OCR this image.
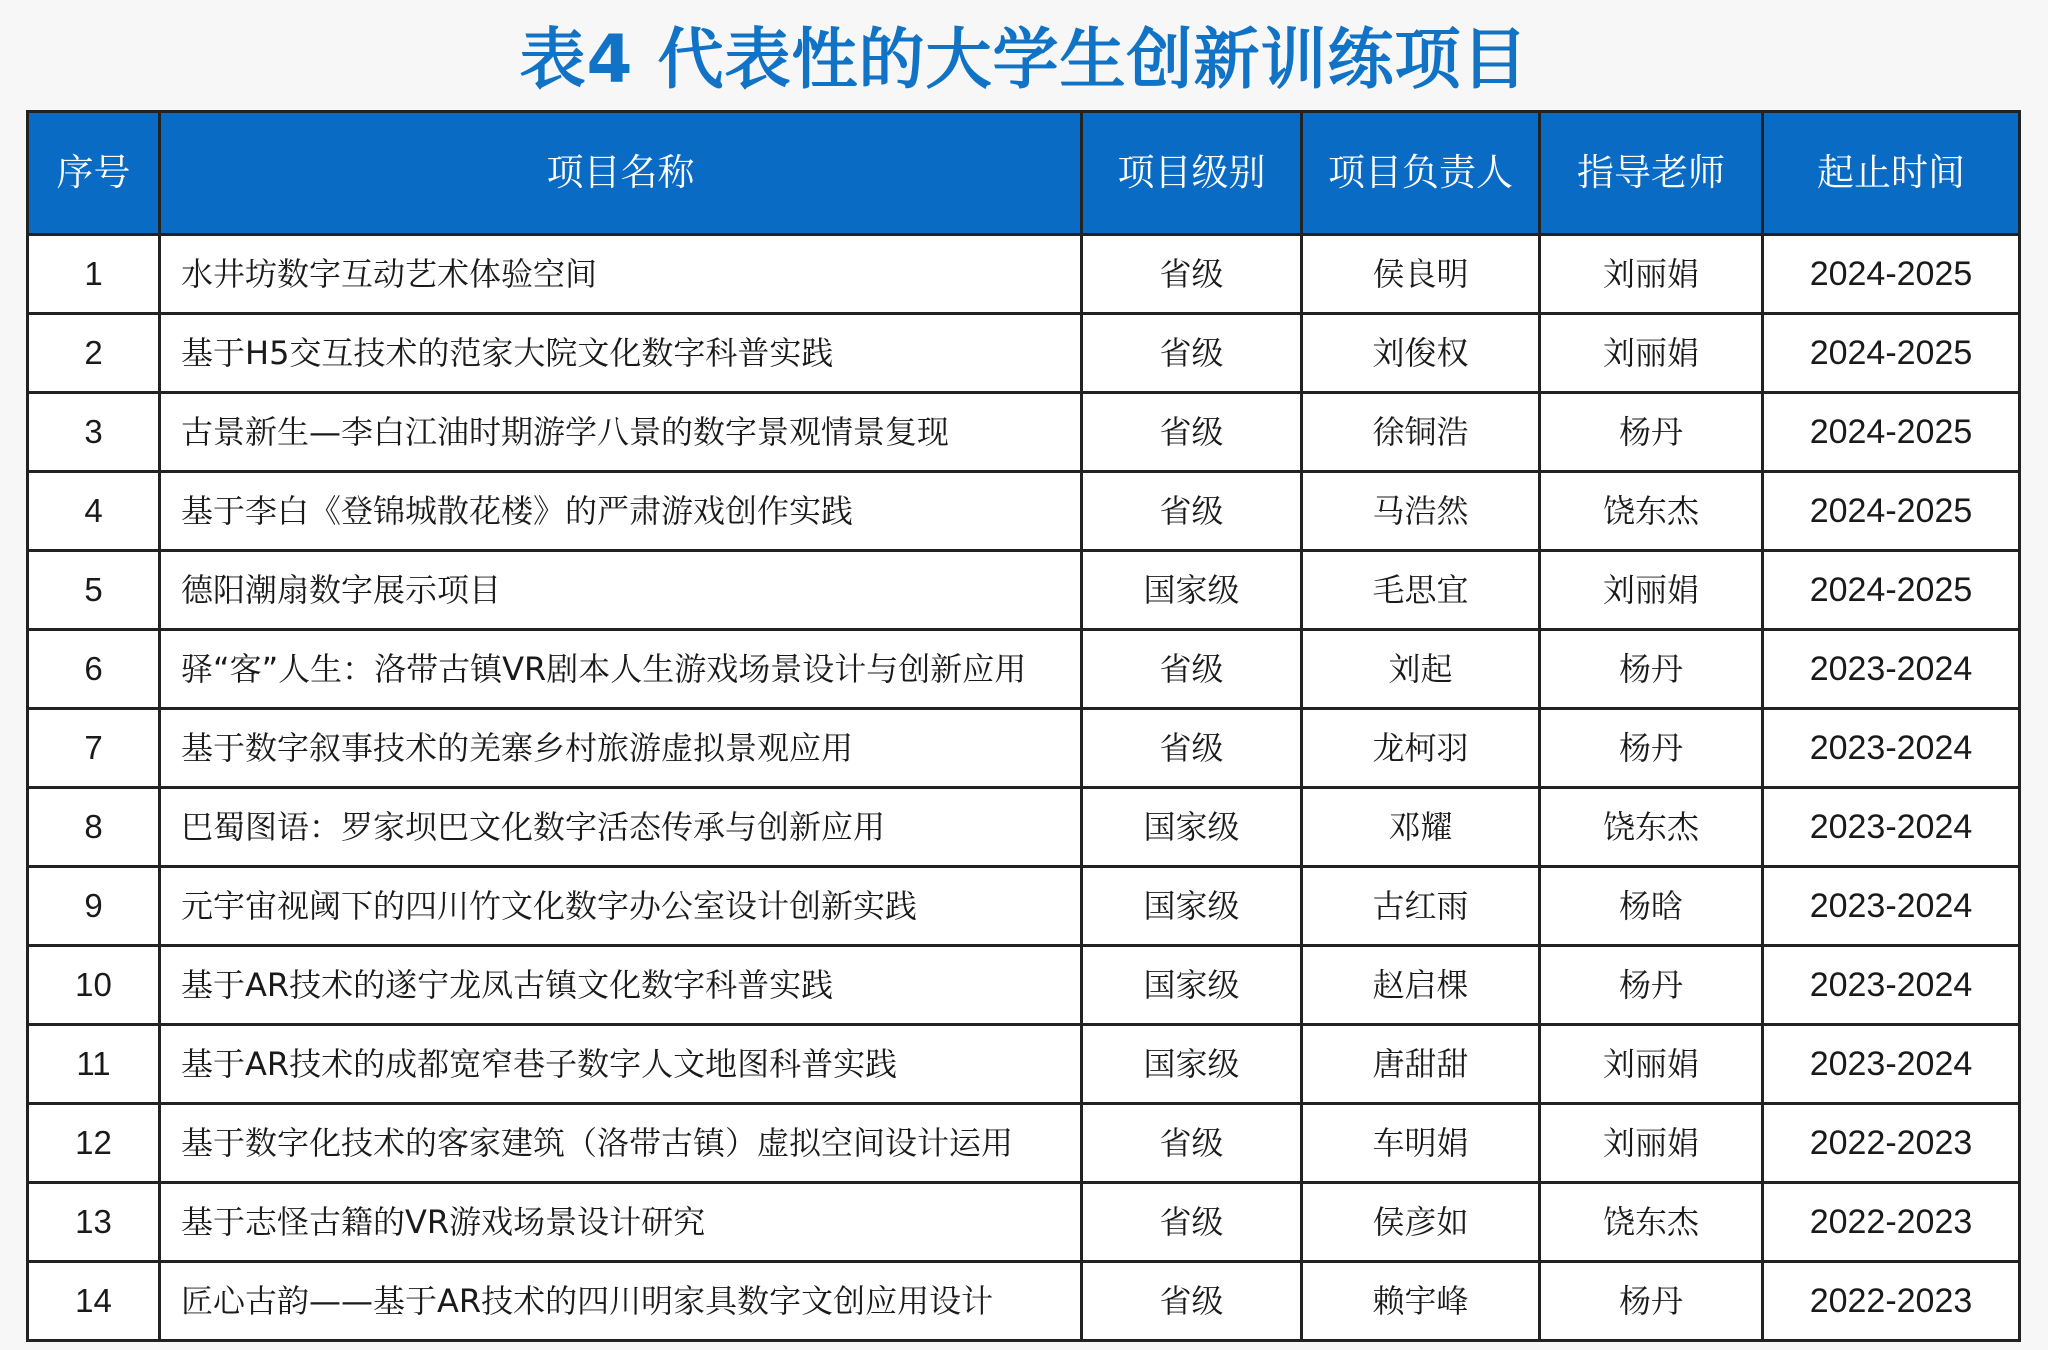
表4 代表性的大学生创新训练项目
序号	项目名称	项目级别	项目负责人	指导老师	起止时间
1	水井坊数字互动艺术体验空间	省级	侯良明	刘丽娟	2024-2025
2	基于H5交互技术的范家大院文化数字科普实践	省级	刘俊权	刘丽娟	2024-2025
3	古景新生—李白江油时期游学八景的数字景观情景复现	省级	徐铜浩	杨丹	2024-2025
4	基于李白《登锦城散花楼》的严肃游戏创作实践	省级	马浩然	饶东杰	2024-2025
5	德阳潮扇数字展示项目	国家级	毛思宜	刘丽娟	2024-2025
6	驿“客”人生：洛带古镇VR剧本人生游戏场景设计与创新应用	省级	刘起	杨丹	2023-2024
7	基于数字叙事技术的羌寨乡村旅游虚拟景观应用	省级	龙柯羽	杨丹	2023-2024
8	巴蜀图语：罗家坝巴文化数字活态传承与创新应用	国家级	邓耀	饶东杰	2023-2024
9	元宇宙视阈下的四川竹文化数字办公室设计创新实践	国家级	古红雨	杨晗	2023-2024
10	基于AR技术的遂宁龙凤古镇文化数字科普实践	国家级	赵启棵	杨丹	2023-2024
11	基于AR技术的成都宽窄巷子数字人文地图科普实践	国家级	唐甜甜	刘丽娟	2023-2024
12	基于数字化技术的客家建筑（洛带古镇）虚拟空间设计运用	省级	车明娟	刘丽娟	2022-2023
13	基于志怪古籍的VR游戏场景设计研究	省级	侯彦如	饶东杰	2022-2023
14	匠心古韵——基于AR技术的四川明家具数字文创应用设计	省级	赖宇峰	杨丹	2022-2023
